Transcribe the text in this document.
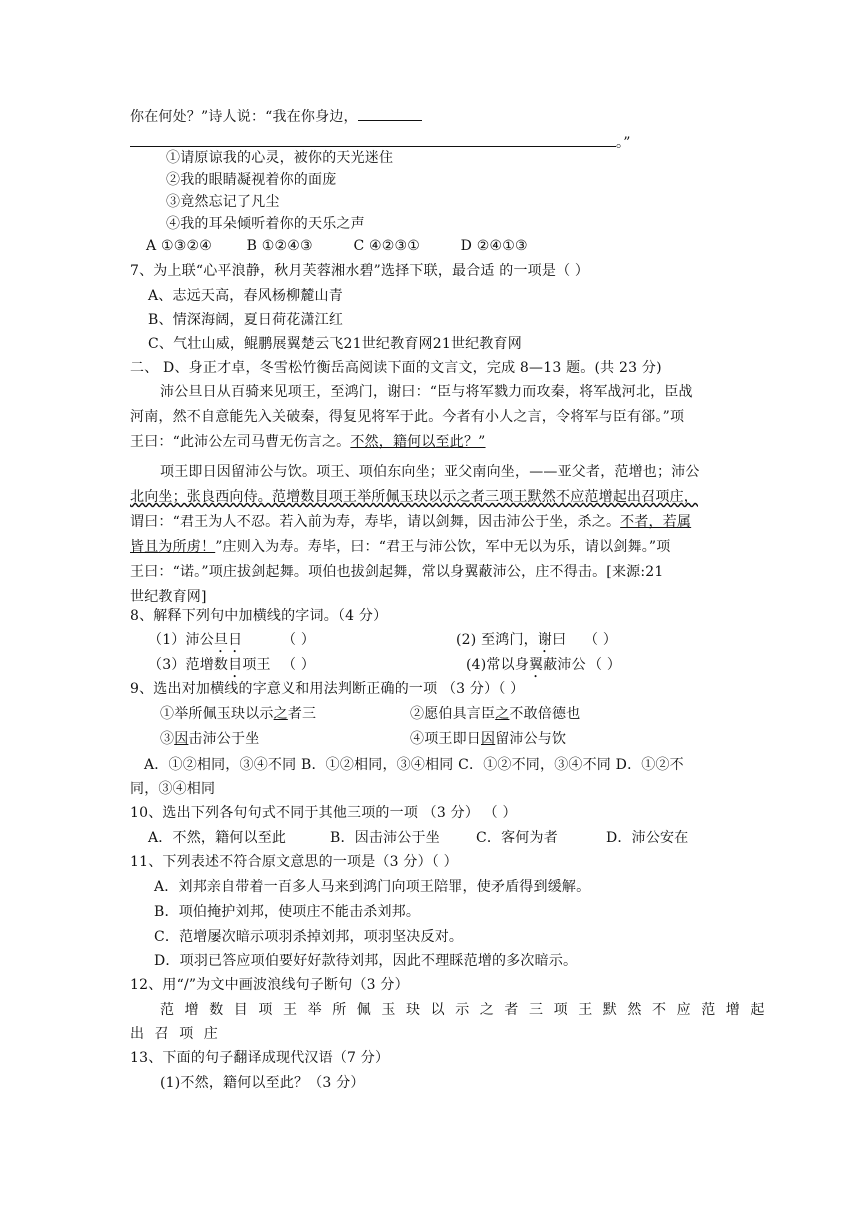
你在何处？”诗人说：“我在你身边，
。”
①请原谅我的心灵，被你的天光迷住
②我的眼睛凝视着你的面庞
③竟然忘记了凡尘
④我的耳朵倾听着你的天乐之声
A ①③②④ B ①②④③	C ④②③①	D ②④①③
7、为上联“心平浪静，秋月芙蓉湘水碧”选择下联，最合适 的一项是（ ）
A、志远天高，春风杨柳麓山青
B、情深海阔，夏日荷花潇江红
C、气壮山威，鲲鹏展翼楚云飞21世纪教育网21世纪教育网
二、 D、身正才卓，冬雪松竹衡岳高阅读下面的文言文，完成 8—13 题。(共 23 分)
沛公旦日从百骑来见项王，至鸿门，谢曰：“臣与将军戮力而攻秦，将军战河北，臣战
河南，然不自意能先入关破秦，得复见将军于此。今者有小人之言，令将军与臣有郤。”项
王曰：“此沛公左司马曹无伤言之。不然，籍何以至此？”
项王即日因留沛公与饮。项王、项伯东向坐；亚父南向坐，——亚父者，范增也；沛公
北向坐；张良西向侍。范增数目项王举所佩玉玦以示之者三项王默然不应范增起出召项庄，
谓曰：“君王为人不忍。若入前为寿，寿毕，请以剑舞，因击沛公于坐，杀之。不者，若属
皆且为所虏！”庄则入为寿。寿毕，曰：“君王与沛公饮，军中无以为乐，请以剑舞。”项
王曰：“诺。”项庄拔剑起舞。项伯也拔剑起舞，常以身翼蔽沛公，庄不得击。[来源:21
世纪教育网]
8、解释下列句中加横线的字词。（4 分）
（1）沛公旦日	（ ）	(2) 至鸿门，谢曰 （ ）
（3）范增数目项王 （ ）	(4)常以身翼蔽沛公 （ ）
9、选出对加横线的字意义和用法判断正确的一项 （3 分）（ ）
①举所佩玉玦以示之者三	②愿伯具言臣之不敢倍德也
③因击沛公于坐	④项王即日因留沛公与饮
A．①②相同，③④不同 B．①②相同，③④相同 C．①②不同，③④不同 D．①②不
同，③④相同
10、选出下列各句句式不同于其他三项的一项 （3 分） （ ）
A．不然，籍何以至此	B．因击沛公于坐	C．客何为者	D．沛公安在
11、下列表述不符合原文意思的一项是（3 分）（ ）
A．刘邦亲自带着一百多人马来到鸿门向项王陪罪，使矛盾得到缓解。
B．项伯掩护刘邦，使项庄不能击杀刘邦。
C．范增屡次暗示项羽杀掉刘邦，项羽坚决反对。
D．项羽已答应项伯要好好款待刘邦，因此不理睬范增的多次暗示。
12、用“/”为文中画波浪线句子断句（3 分）
范增数目项王举所佩玉玦以示之者三项王默然不应范增起
出召项庄
13、下面的句子翻译成现代汉语（7 分）
(1)不然，籍何以至此？（3 分）
